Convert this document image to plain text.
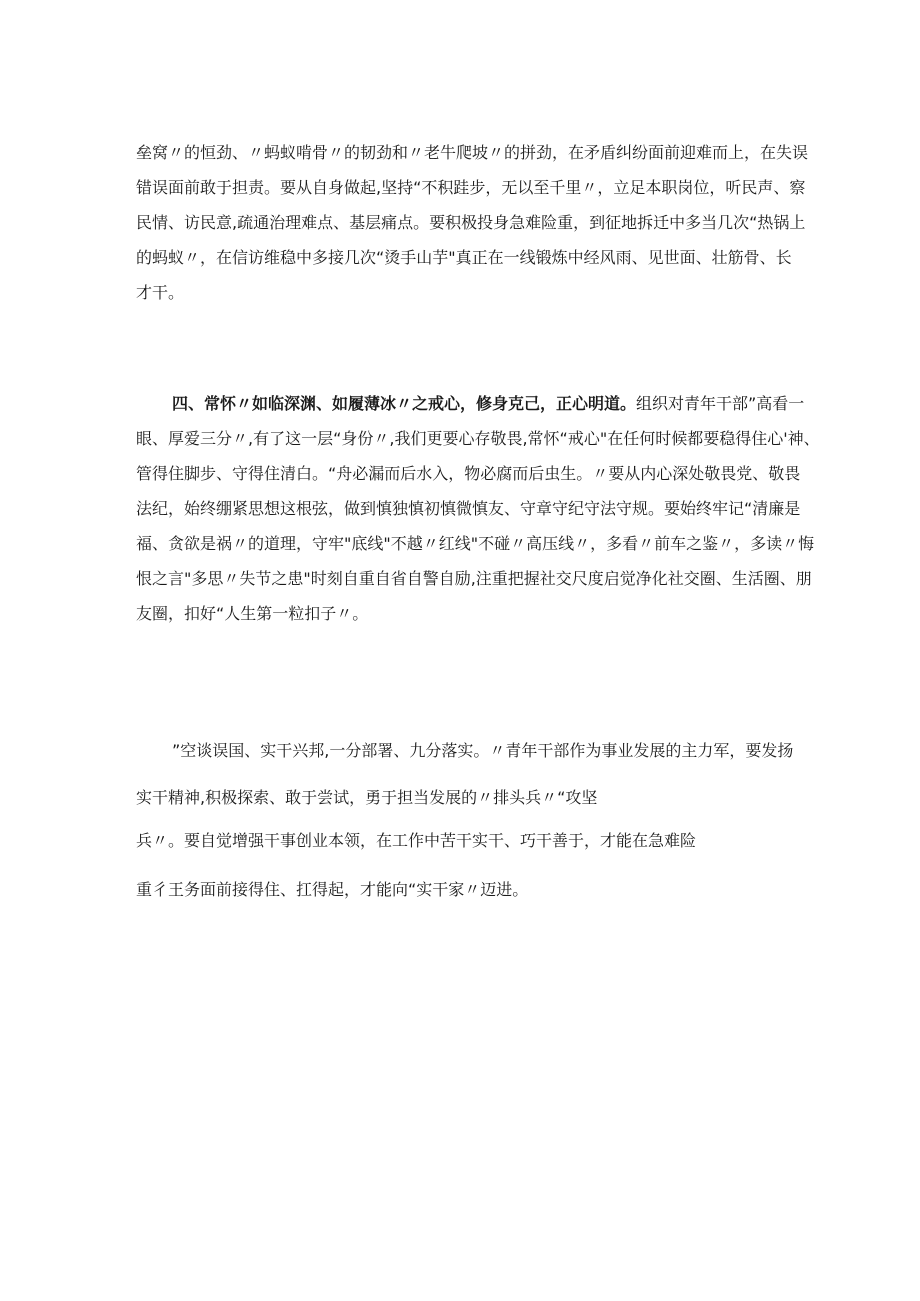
垒窝〃的恒劲、〃蚂蚁啃骨〃的韧劲和〃老牛爬坡〃的拼劲，在矛盾纠纷面前迎难而上，在失误
错误面前敢于担责。要从自身做起,坚持“不积跬步，无以至千里〃，立足本职岗位，听民声、察
民情、访民意,疏通治理难点、基层痛点。要积极投身急难险重，到征地拆迁中多当几次“热锅上
的蚂蚁〃，在信访维稳中多接几次“烫手山芋"真正在一线锻炼中经风雨、见世面、壮筋骨、长
才干。
四、常怀〃如临深渊、如履薄冰〃之戒心，修身克己，正心明道。组织对青年干部”高看一
眼、厚爱三分〃,有了这一层“身份〃,我们更要心存敬畏,常怀“戒心"在任何时候都要稳得住心'神、
管得住脚步、守得住清白。“舟必漏而后水入，物必腐而后虫生。〃要从内心深处敬畏党、敬畏
法纪，始终绷紧思想这根弦，做到慎独慎初慎微慎友、守章守纪守法守规。要始终牢记“清廉是
福、贪欲是祸〃的道理，守牢"底线"不越〃红线"不碰〃高压线〃，多看〃前车之鉴〃，多读〃悔
恨之言"多思〃失节之患"时刻自重自省自警自励,注重把握社交尺度启觉净化社交圈、生活圈、朋
友圈，扣好“人生第一粒扣子〃。
”空谈误国、实干兴邦,一分部署、九分落实。〃青年干部作为事业发展的主力军，要发扬
实干精神,积极探索、敢于尝试，勇于担当发展的〃排头兵〃“攻坚
兵〃。要自觉增强干事创业本领，在工作中苦干实干、巧干善于，才能在急难险
重彳王务面前接得住、扛得起，才能向“实干家〃迈进。
